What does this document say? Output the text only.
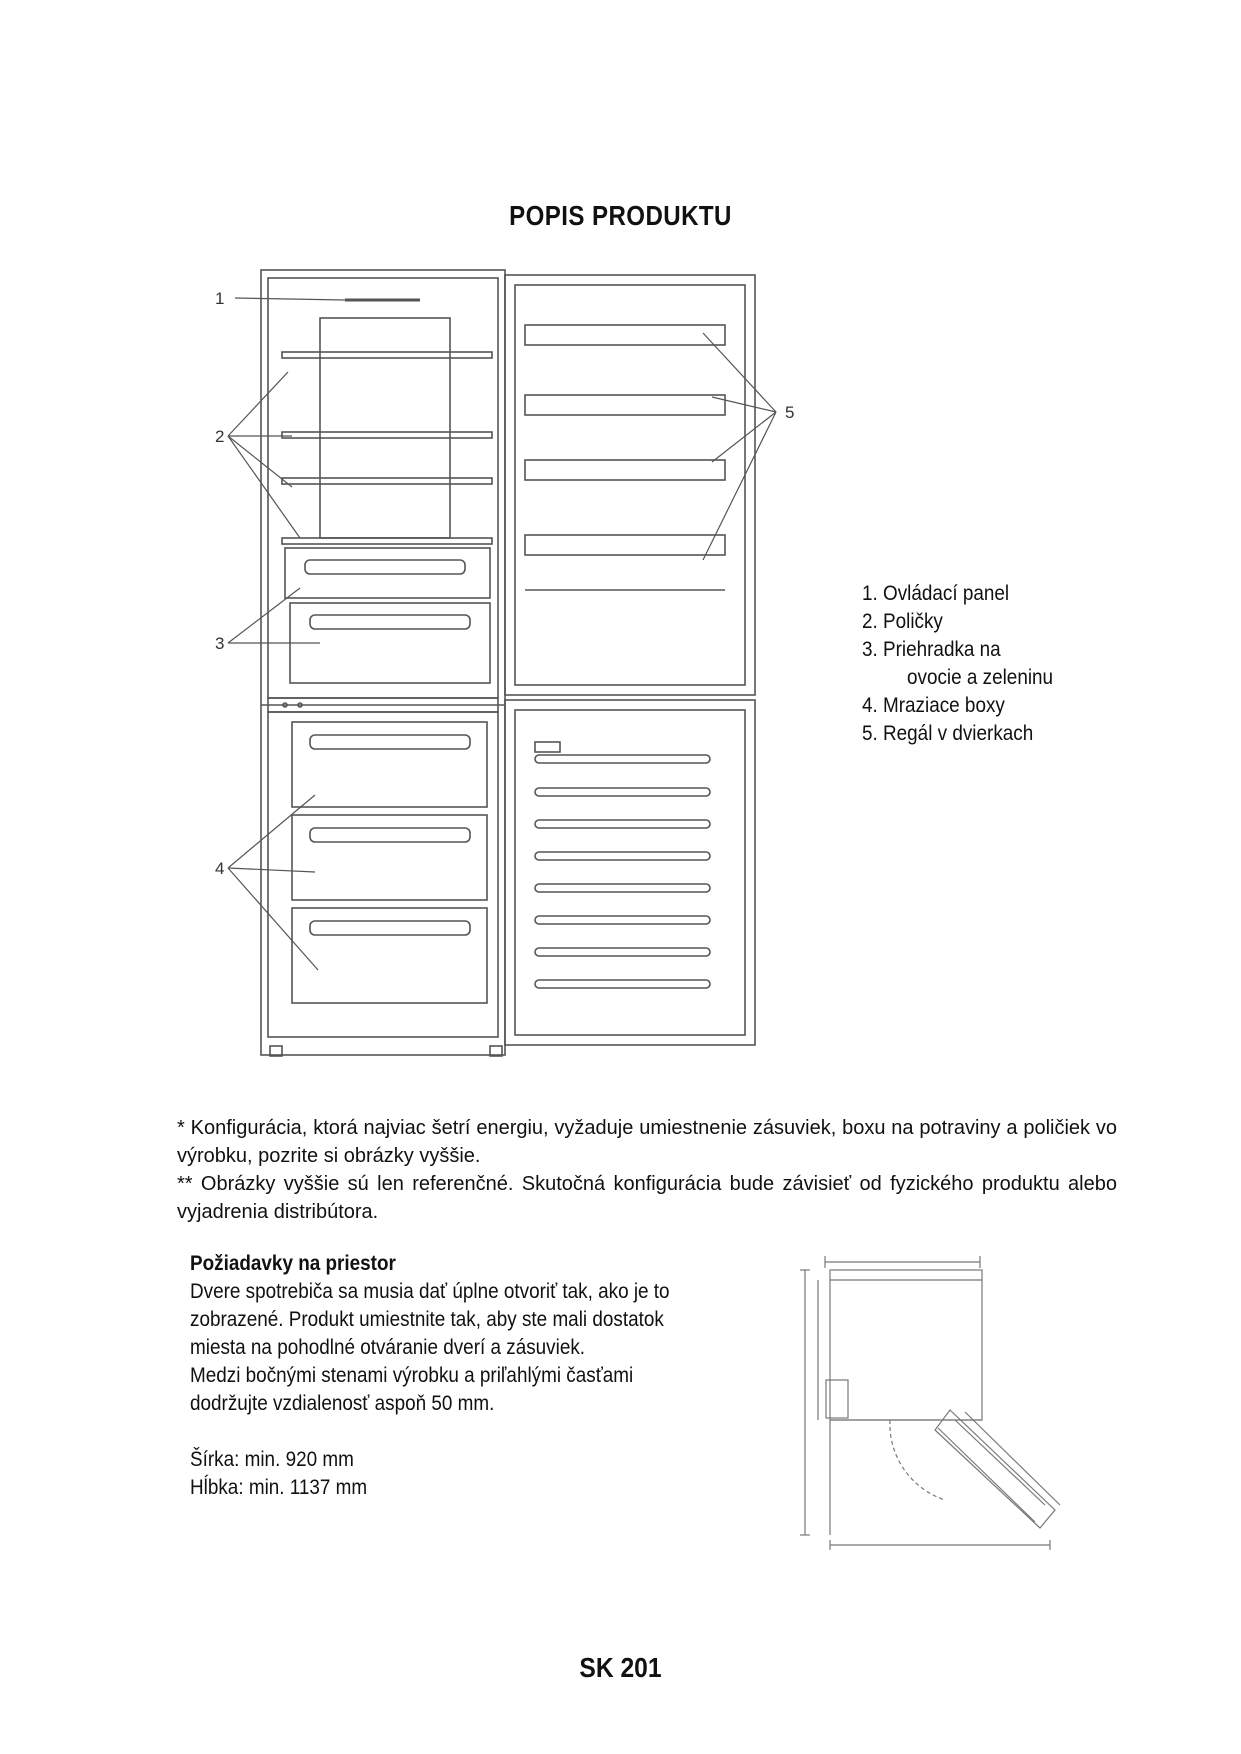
POPIS PRODUKTU
1
2
3
4
5
1. Ovládací panel
2. Poličky
3. Priehradka na
ovocie a zeleninu
4. Mraziace boxy
5. Regál v dvierkach

* Konfigurácia, ktorá najviac šetrí energiu, vyžaduje umiestnenie zásuviek, boxu na potraviny a poličiek vo výrobku, pozrite si obrázky vyššie.

** Obrázky vyššie sú len referenčné. Skutočná konfigurácia bude závisieť od fyzického produktu alebo vyjadrenia distribútora.

Požiadavky na priestor
Dvere spotrebiča sa musia dať úplne otvoriť tak, ako je to
zobrazené. Produkt umiestnite tak, aby ste mali dostatok
miesta na pohodlné otváranie dverí a zásuviek.
Medzi bočnými stenami výrobku a priľahlými časťami
dodržujte vzdialenosť aspoň 50 mm.
Šírka: min. 920 mm
Hĺbka: min. 1137 mm
SK 201
